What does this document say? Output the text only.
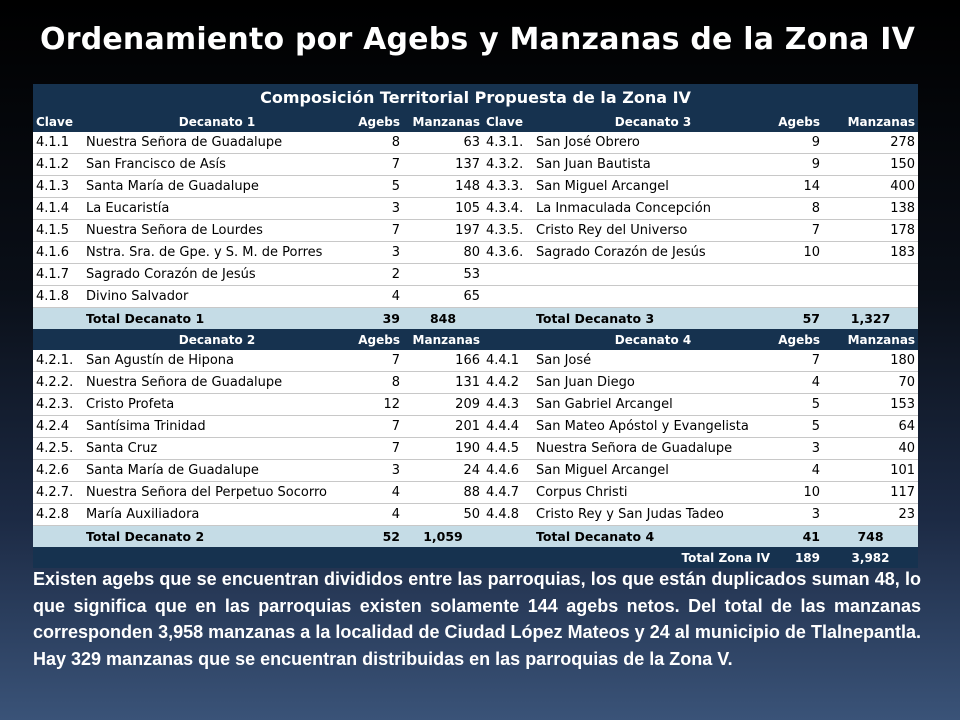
Ordenamiento por Agebs y Manzanas de la Zona IV
Composición Territorial Propuesta de la Zona IV							
Clave	Decanato 1	Agebs	Manzanas	Clave	Decanato 3	Agebs	Manzanas
4.1.1	Nuestra Señora de Guadalupe	8	63	4.3.1.	San José Obrero	9	278
4.1.2	San Francisco de Asís	7	137	4.3.2.	San Juan Bautista	9	150
4.1.3	Santa María de Guadalupe	5	148	4.3.3.	San Miguel Arcangel	14	400
4.1.4	La Eucaristía	3	105	4.3.4.	La Inmaculada Concepción	8	138
4.1.5	Nuestra Señora de Lourdes	7	197	4.3.5.	Cristo Rey del Universo	7	178
4.1.6	Nstra. Sra. de Gpe. y S. M. de Porres	3	80	4.3.6.	Sagrado Corazón de Jesús	10	183
4.1.7	Sagrado Corazón de Jesús	2	53				
4.1.8	Divino Salvador	4	65				
	Total Decanato 1	39	848		Total Decanato 3	57	1,327
	Decanato 2	Agebs	Manzanas		Decanato 4	Agebs	Manzanas
4.2.1.	San Agustín de Hipona	7	166	4.4.1	San José	7	180
4.2.2.	Nuestra Señora de Guadalupe	8	131	4.4.2	San Juan Diego	4	70
4.2.3.	Cristo Profeta	12	209	4.4.3	San Gabriel Arcangel	5	153
4.2.4	Santísima Trinidad	7	201	4.4.4	San Mateo Apóstol y Evangelista	5	64
4.2.5.	Santa Cruz	7	190	4.4.5	Nuestra Señora de Guadalupe	3	40
4.2.6	Santa María de Guadalupe	3	24	4.4.6	San Miguel Arcangel	4	101
4.2.7.	Nuestra Señora del Perpetuo Socorro	4	88	4.4.7	Corpus Christi	10	117
4.2.8	María Auxiliadora	4	50	4.4.8	Cristo Rey y San Judas Tadeo	3	23
	Total Decanato 2	52	1,059		Total Decanato 4	41	748
					Total Zona IV	189	3,982

Existen agebs que se encuentran divididos entre las parroquias, los que están duplicados suman 48, lo que significa que en las parroquias existen solamente 144 agebs netos. Del total de las manzanas corresponden 3,958 manzanas a la localidad de Ciudad López Mateos y 24 al municipio de Tlalnepantla. Hay 329 manzanas que se encuentran distribuidas en las parroquias de la Zona V.
